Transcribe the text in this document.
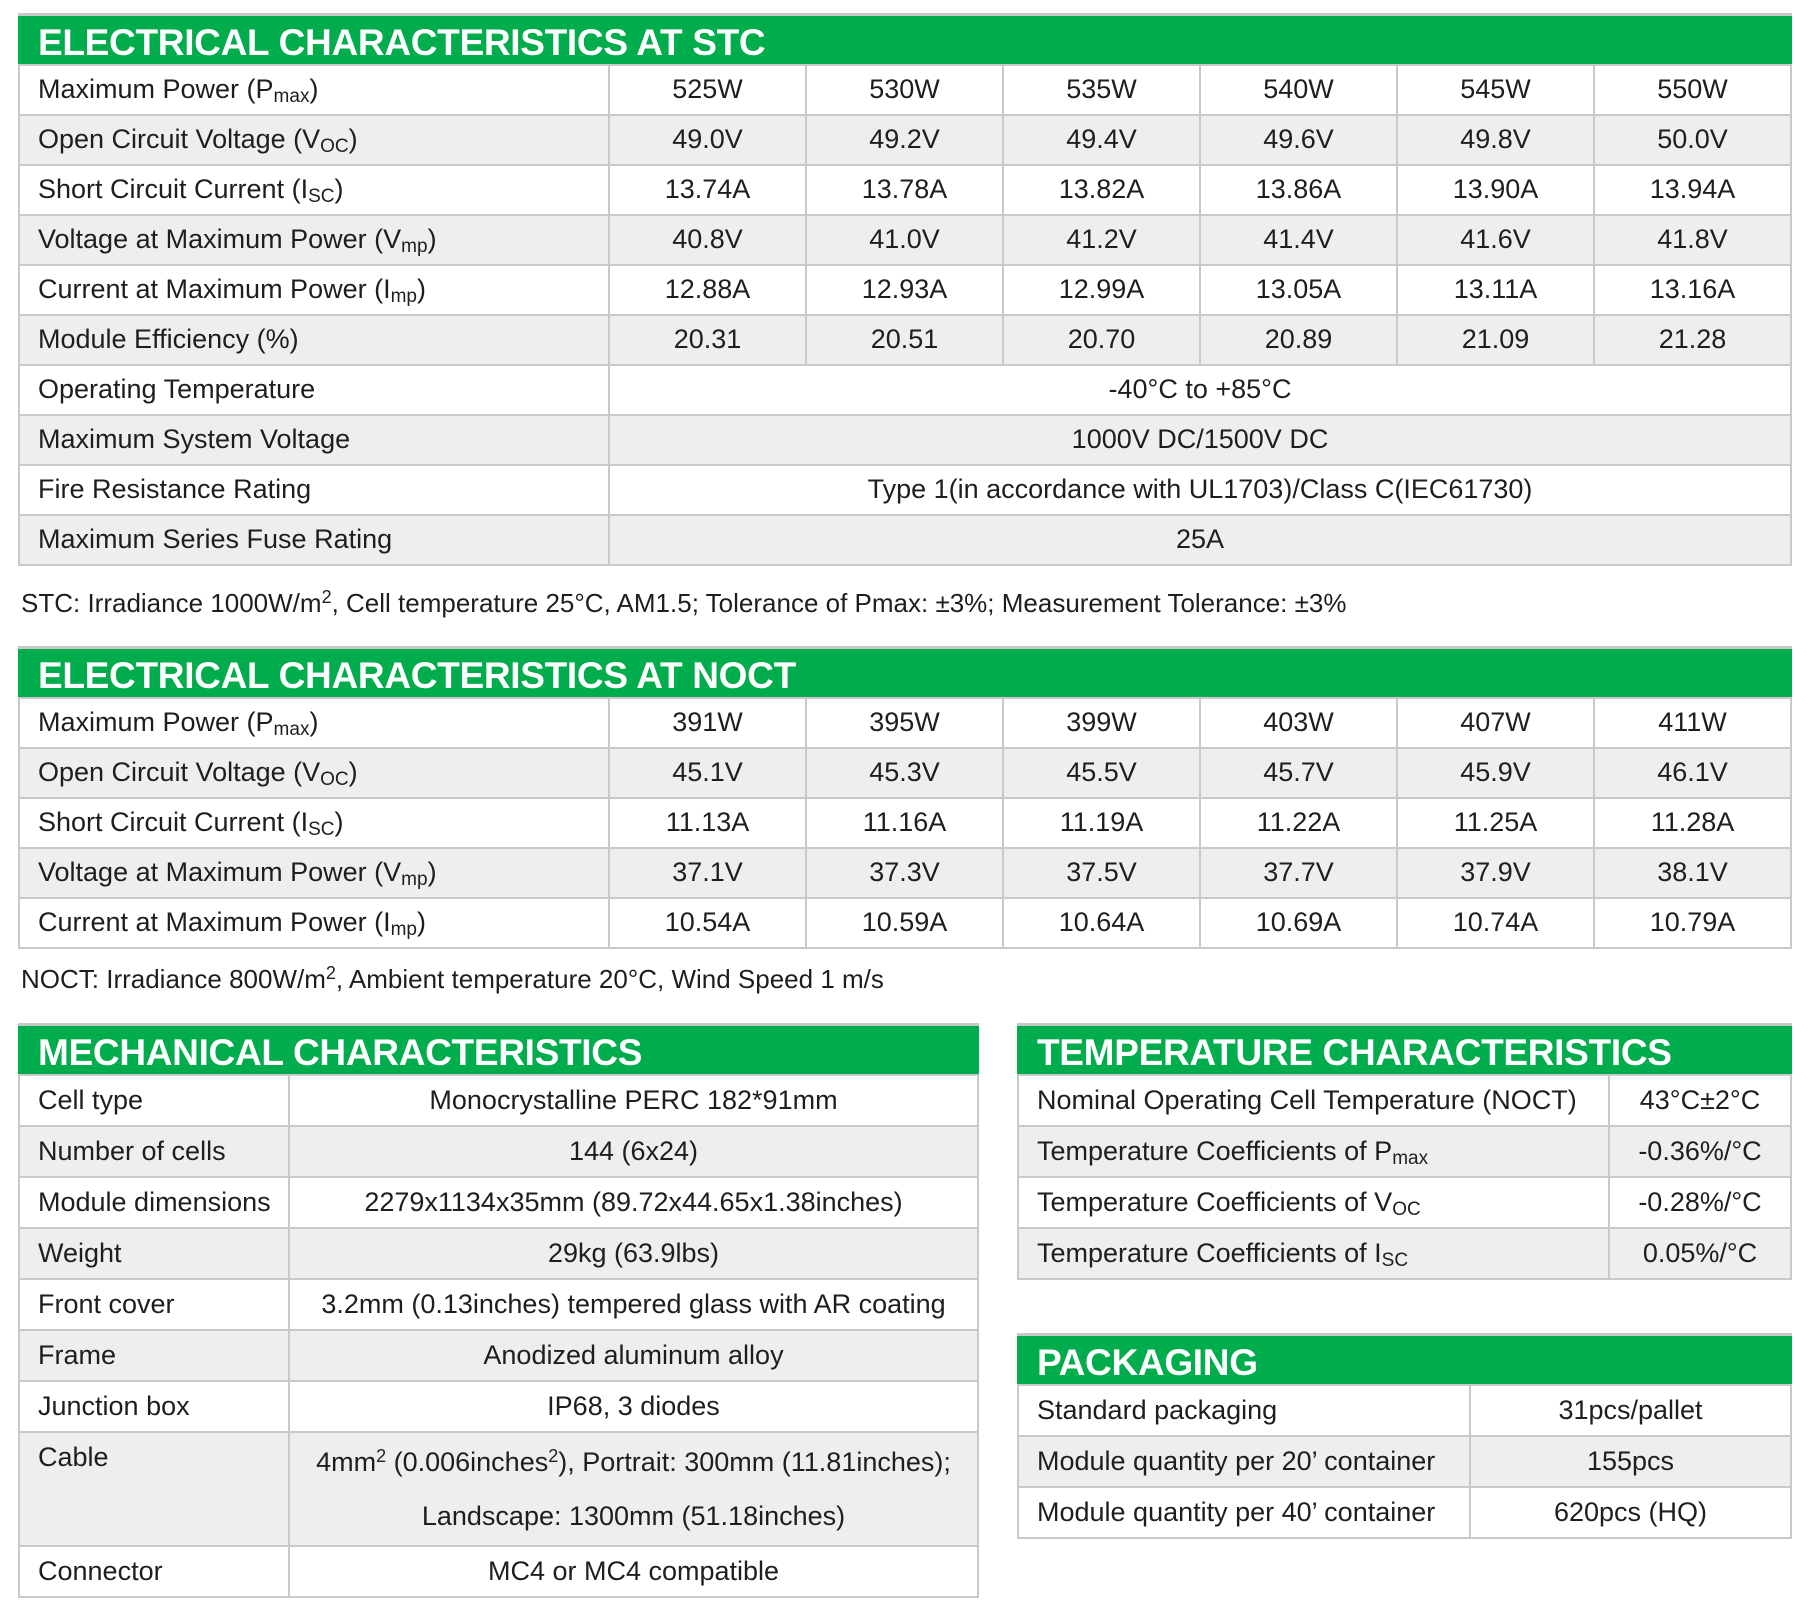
ELECTRICAL CHARACTERISTICS AT STC
Maximum Power $(P_{max})$	525W	530W	535W	540W	545W	550W
Open Circuit Voltage $(V_{OC})$	49.0V	49.2V	49.4V	49.6V	49.8V	50.0V
Short Circuit Current $(I_{SC})$	13.74A	13.78A	13.82A	13.86A	13.90A	13.94A
Voltage at Maximum Power $(V_{mp})$	40.8V	41.0V	41.2V	41.4V	41.6V	41.8V
Current at Maximum Power $(I_{mp})$	12.88A	12.93A	12.99A	13.05A	13.11A	13.16A
Module Efficiency (%)	20.31	20.51	20.70	20.89	21.09	21.28
Operating Temperature	-40°C to +85°C					
Maximum System Voltage	1000V DC/1500V DC					
Fire Resistance Rating	Type 1(in accordance with UL1703)/Class C(IEC61730)					
Maximum Series Fuse Rating	25A					
STC: Irradiance $1000W/m^2$, Cell temperature 25°C, AM1.5; Tolerance of Pmax: ±3%; Measurement Tolerance: ±3%
ELECTRICAL CHARACTERISTICS AT NOCT
Maximum Power $(P_{max})$	391W	395W	399W	403W	407W	411W
Open Circuit Voltage $(V_{OC})$	45.1V	45.3V	45.5V	45.7V	45.9V	46.1V
Short Circuit Current $(I_{SC})$	11.13A	11.16A	11.19A	11.22A	11.25A	11.28A
Voltage at Maximum Power $(V_{mp})$	37.1V	37.3V	37.5V	37.7V	37.9V	38.1V
Current at Maximum Power $(I_{mp})$	10.54A	10.59A	10.64A	10.69A	10.74A	10.79A
NOCT: Irradiance $800W/m^2$, Ambient temperature 20°C, Wind Speed 1 m/s
MECHANICAL CHARACTERISTICS
Cell type	Monocrystalline PERC 182*91mm
Number of cells	144 (6x24)
Module dimensions	2279x1134x35mm (89.72x44.65x1.38inches)
Weight	29kg (63.9lbs)
Front cover	3.2mm (0.13inches) tempered glass with AR coating
Frame	Anodized aluminum alloy
Junction box	IP68, 3 diodes
Cable	$4mm^2$ (0.006inches$^2$), Portrait: 300mm (11.81inches);
Landscape: 1300mm (51.18inches)

Connector	MC4 or MC4 compatible
TEMPERATURE CHARACTERISTICS
Nominal Operating Cell Temperature (NOCT)	43°C±2°C
Temperature Coefficients of $P_{max}$	-0.36%/°C
Temperature Coefficients of $V_{OC}$	-0.28%/°C
Temperature Coefficients of $I_{SC}$	0.05%/°C
PACKAGING
Standard packaging	31pcs/pallet
Module quantity per 20’ container	155pcs
Module quantity per 40’ container	620pcs (HQ)
